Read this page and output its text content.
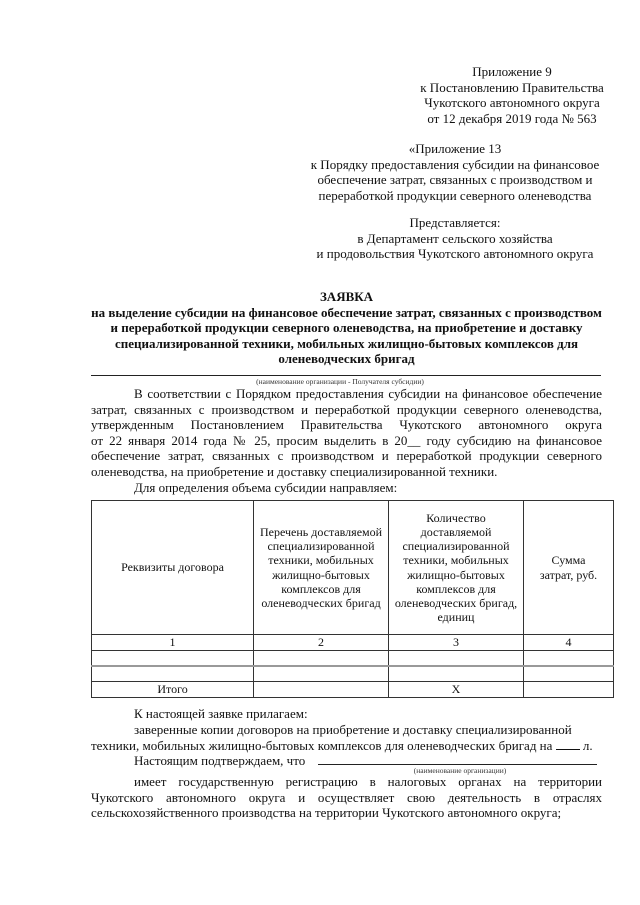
Приложение 9
к Постановлению Правительства
Чукотского автономного округа
от 12 декабря 2019 года № 563
«Приложение 13
к Порядку предоставления субсидии на финансовое
обеспечение затрат, связанных с производством и
переработкой продукции северного оленеводства
Представляется:
в Департамент сельского хозяйства
и продовольствия Чукотского автономного округа
ЗАЯВКА
на выделение субсидии на финансовое обеспечение затрат, связанных с производством
и переработкой продукции северного оленеводства, на приобретение и доставку
специализированной техники, мобильных жилищно-бытовых комплексов для
оленеводческих бригад
(наименование организации - Получателя субсидии)
В соответствии с Порядком предоставления субсидии на финансовое обеспечение
затрат, связанных с производством и переработкой продукции северного оленеводства,
утвержденным Постановлением Правительства Чукотского автономного округа
от 22 января 2014 года № 25, просим выделить в 20__ году субсидию на финансовое
обеспечение затрат, связанных с производством и переработкой продукции северного
оленеводства, на приобретение и доставку специализированной техники.
Для определения объема субсидии направляем:
Реквизиты договора	Перечень доставляемой специализированной техники, мобильных жилищно-бытовых комплексов для оленеводческих бригад	Количество доставляемой специализированной техники, мобильных жилищно-бытовых комплексов для оленеводческих бригад, единиц	Сумма затрат, руб.
1	2	3	4

Итого		X	
К настоящей заявке прилагаем:
заверенные копии договоров на приобретение и доставку специализированной
техники, мобильных жилищно-бытовых комплексов для оленеводческих бригад на л.
Настоящим подтверждаем, что
(наименование организации)
имеет государственную регистрацию в налоговых органах на территории
Чукотского автономного округа и осуществляет свою деятельность в отраслях
сельскохозяйственного производства на территории Чукотского автономного округа;
